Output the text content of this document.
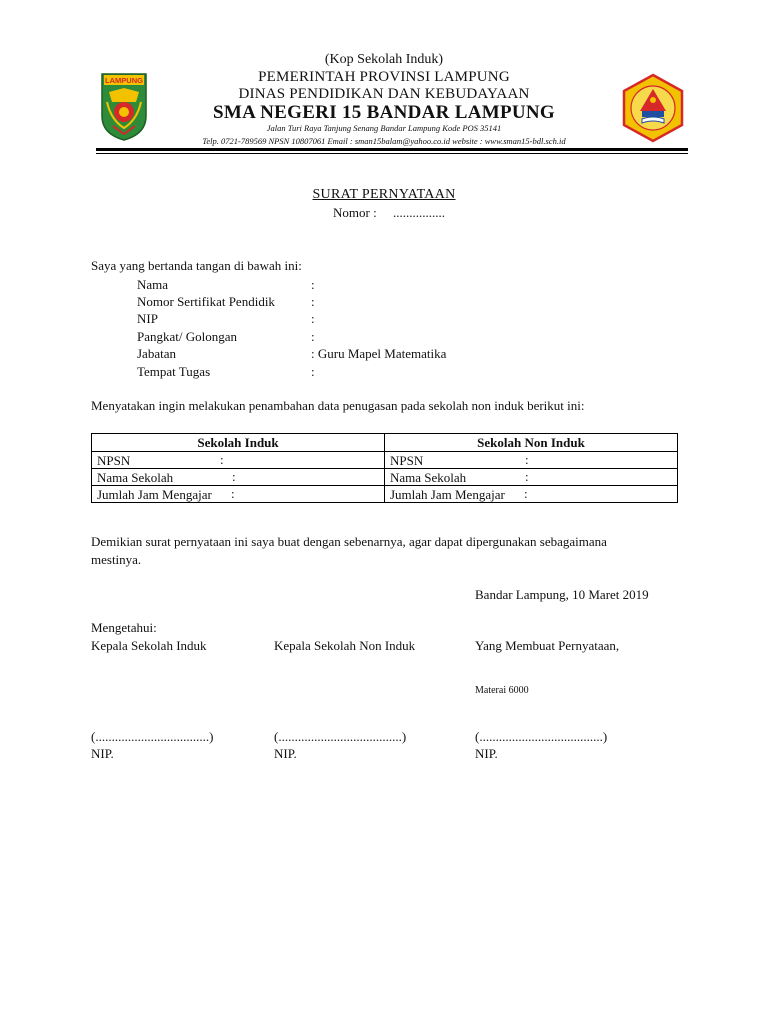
LAMPUNG
(Kop Sekolah Induk)
PEMERINTAH PROVINSI LAMPUNG
DINAS PENDIDIKAN DAN KEBUDAYAAN
SMA NEGERI 15 BANDAR LAMPUNG
Jalan Turi Raya Tanjung Senang Bandar Lampung Kode POS 35141
Telp. 0721-789569 NPSN 10807061 Email : sman15balam@yahoo.co.id website : www.sman15-bdl.sch.id
SURAT PERNYATAAN
Nomor :     ................
Saya yang bertanda tangan di bawah ini:
Nama	:
Nomor Sertifikat Pendidik	:
NIP	:
Pangkat/ Golongan	:
Jabatan	: Guru Mapel Matematika
Tempat Tugas	:
Menyatakan ingin melakukan penambahan data penugasan pada sekolah non induk berikut ini:
Sekolah Induk	Sekolah Non Induk
NPSN :	NPSN :

Nama Sekolah :	Nama Sekolah :

Jumlah Jam Mengajar :	Jumlah Jam Mengajar :
Demikian surat pernyataan ini saya buat dengan sebenarnya, agar dapat dipergunakan sebagaimana
mestinya.
Bandar Lampung, 10 Maret 2019
Mengetahui:
Kepala Sekolah Induk	Kepala Sekolah Non Induk	Yang Membuat Pernyataan,
Materai 6000
(...................................)	(......................................)	(......................................)
NIP.	NIP.	NIP.
